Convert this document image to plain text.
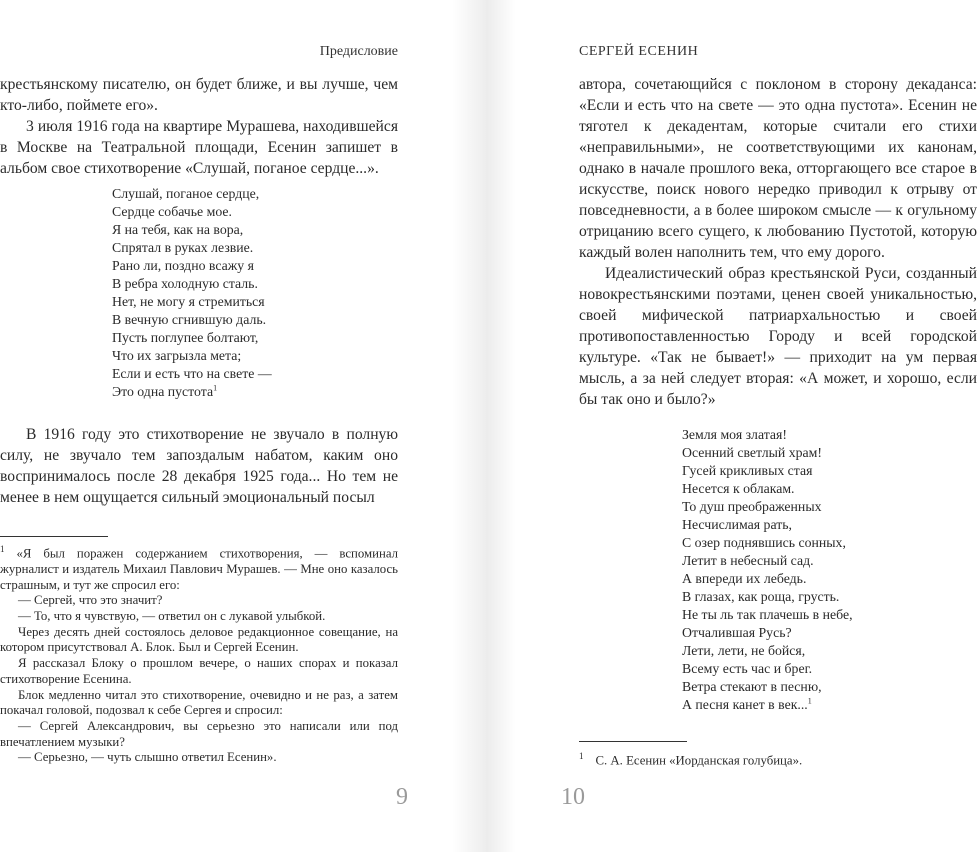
Предисловие

крестьянскому писателю, он будет ближе, и вы лучше, чем кто-либо, поймете его».

3 июля 1916 года на квартире Мурашева, находившейся в Москве на Театральной площади, Есенин запишет в альбом свое стихотворение «Слушай, поганое сердце...».

Слушай, поганое сердце,
Сердце собачье мое.
Я на тебя, как на вора,
Спрятал в руках лезвие.
Рано ли, поздно всажу я
В ребра холодную сталь.
Нет, не могу я стремиться
В вечную сгнившую даль.
Пусть поглупее болтают,
Что их загрызла мета;
Если и есть что на свете —
Это одна пустота$^1$

В 1916 году это стихотворение не звучало в полную силу, не звучало тем запоздалым набатом, каким оно воспринималось после 28 декабря 1925 года... Но тем не менее в нем ощущается сильный эмоциональный посыл

$^1$ «Я был поражен содержанием стихотворения, — вспоминал журналист и издатель Михаил Павлович Мурашев. — Мне оно казалось страшным, и тут же спросил его:

— Сергей, что это значит?

— То, что я чувствую, — ответил он с лукавой улыбкой.

Через десять дней состоялось деловое редакционное совещание, на котором присутствовал А. Блок. Был и Сергей Есенин.

Я рассказал Блоку о прошлом вечере, о наших спорах и показал стихотворение Есенина.

Блок медленно читал это стихотворение, очевидно и не раз, а затем покачал головой, подозвал к себе Сергея и спросил:

— Сергей Александрович, вы серьезно это написали или под впечатлением музыки?

— Серьезно, — чуть слышно ответил Есенин».

9
СЕРГЕЙ ЕСЕНИН

автора, сочетающийся с поклоном в сторону декаданса: «Если и есть что на свете — это одна пустота». Есенин не тяготел к декадентам, которые считали его стихи «неправильными», не соответствующими их канонам, однако в начале прошлого века, отторгающего все старое в искусстве, поиск нового нередко приводил к отрыву от повседневности, а в более широком смысле — к огульному отрицанию всего сущего, к любованию Пустотой, которую каждый волен наполнить тем, что ему дорого.

Идеалистический образ крестьянской Руси, созданный новокрестьянскими поэтами, ценен своей уникальностью, своей мифической патриархальностью и своей противопоставленностью Городу и всей городской культуре. «Так не бывает!» — приходит на ум первая мысль, а за ней следует вторая: «А может, и хорошо, если бы так оно и было?»

Земля моя златая!
Осенний светлый храм!
Гусей крикливых стая
Несется к облакам.
То душ преображенных
Несчислимая рать,
С озер поднявшись сонных,
Летит в небесный сад.
А впереди их лебедь.
В глазах, как роща, грусть.
Не ты ль так плачешь в небе,
Отчалившая Русь?
Лети, лети, не бойся,
Всему есть час и брег.
Ветра стекают в песню,
А песня канет в век...$^1$

$^1$ С. А. Есенин «Иорданская голубица».

10
